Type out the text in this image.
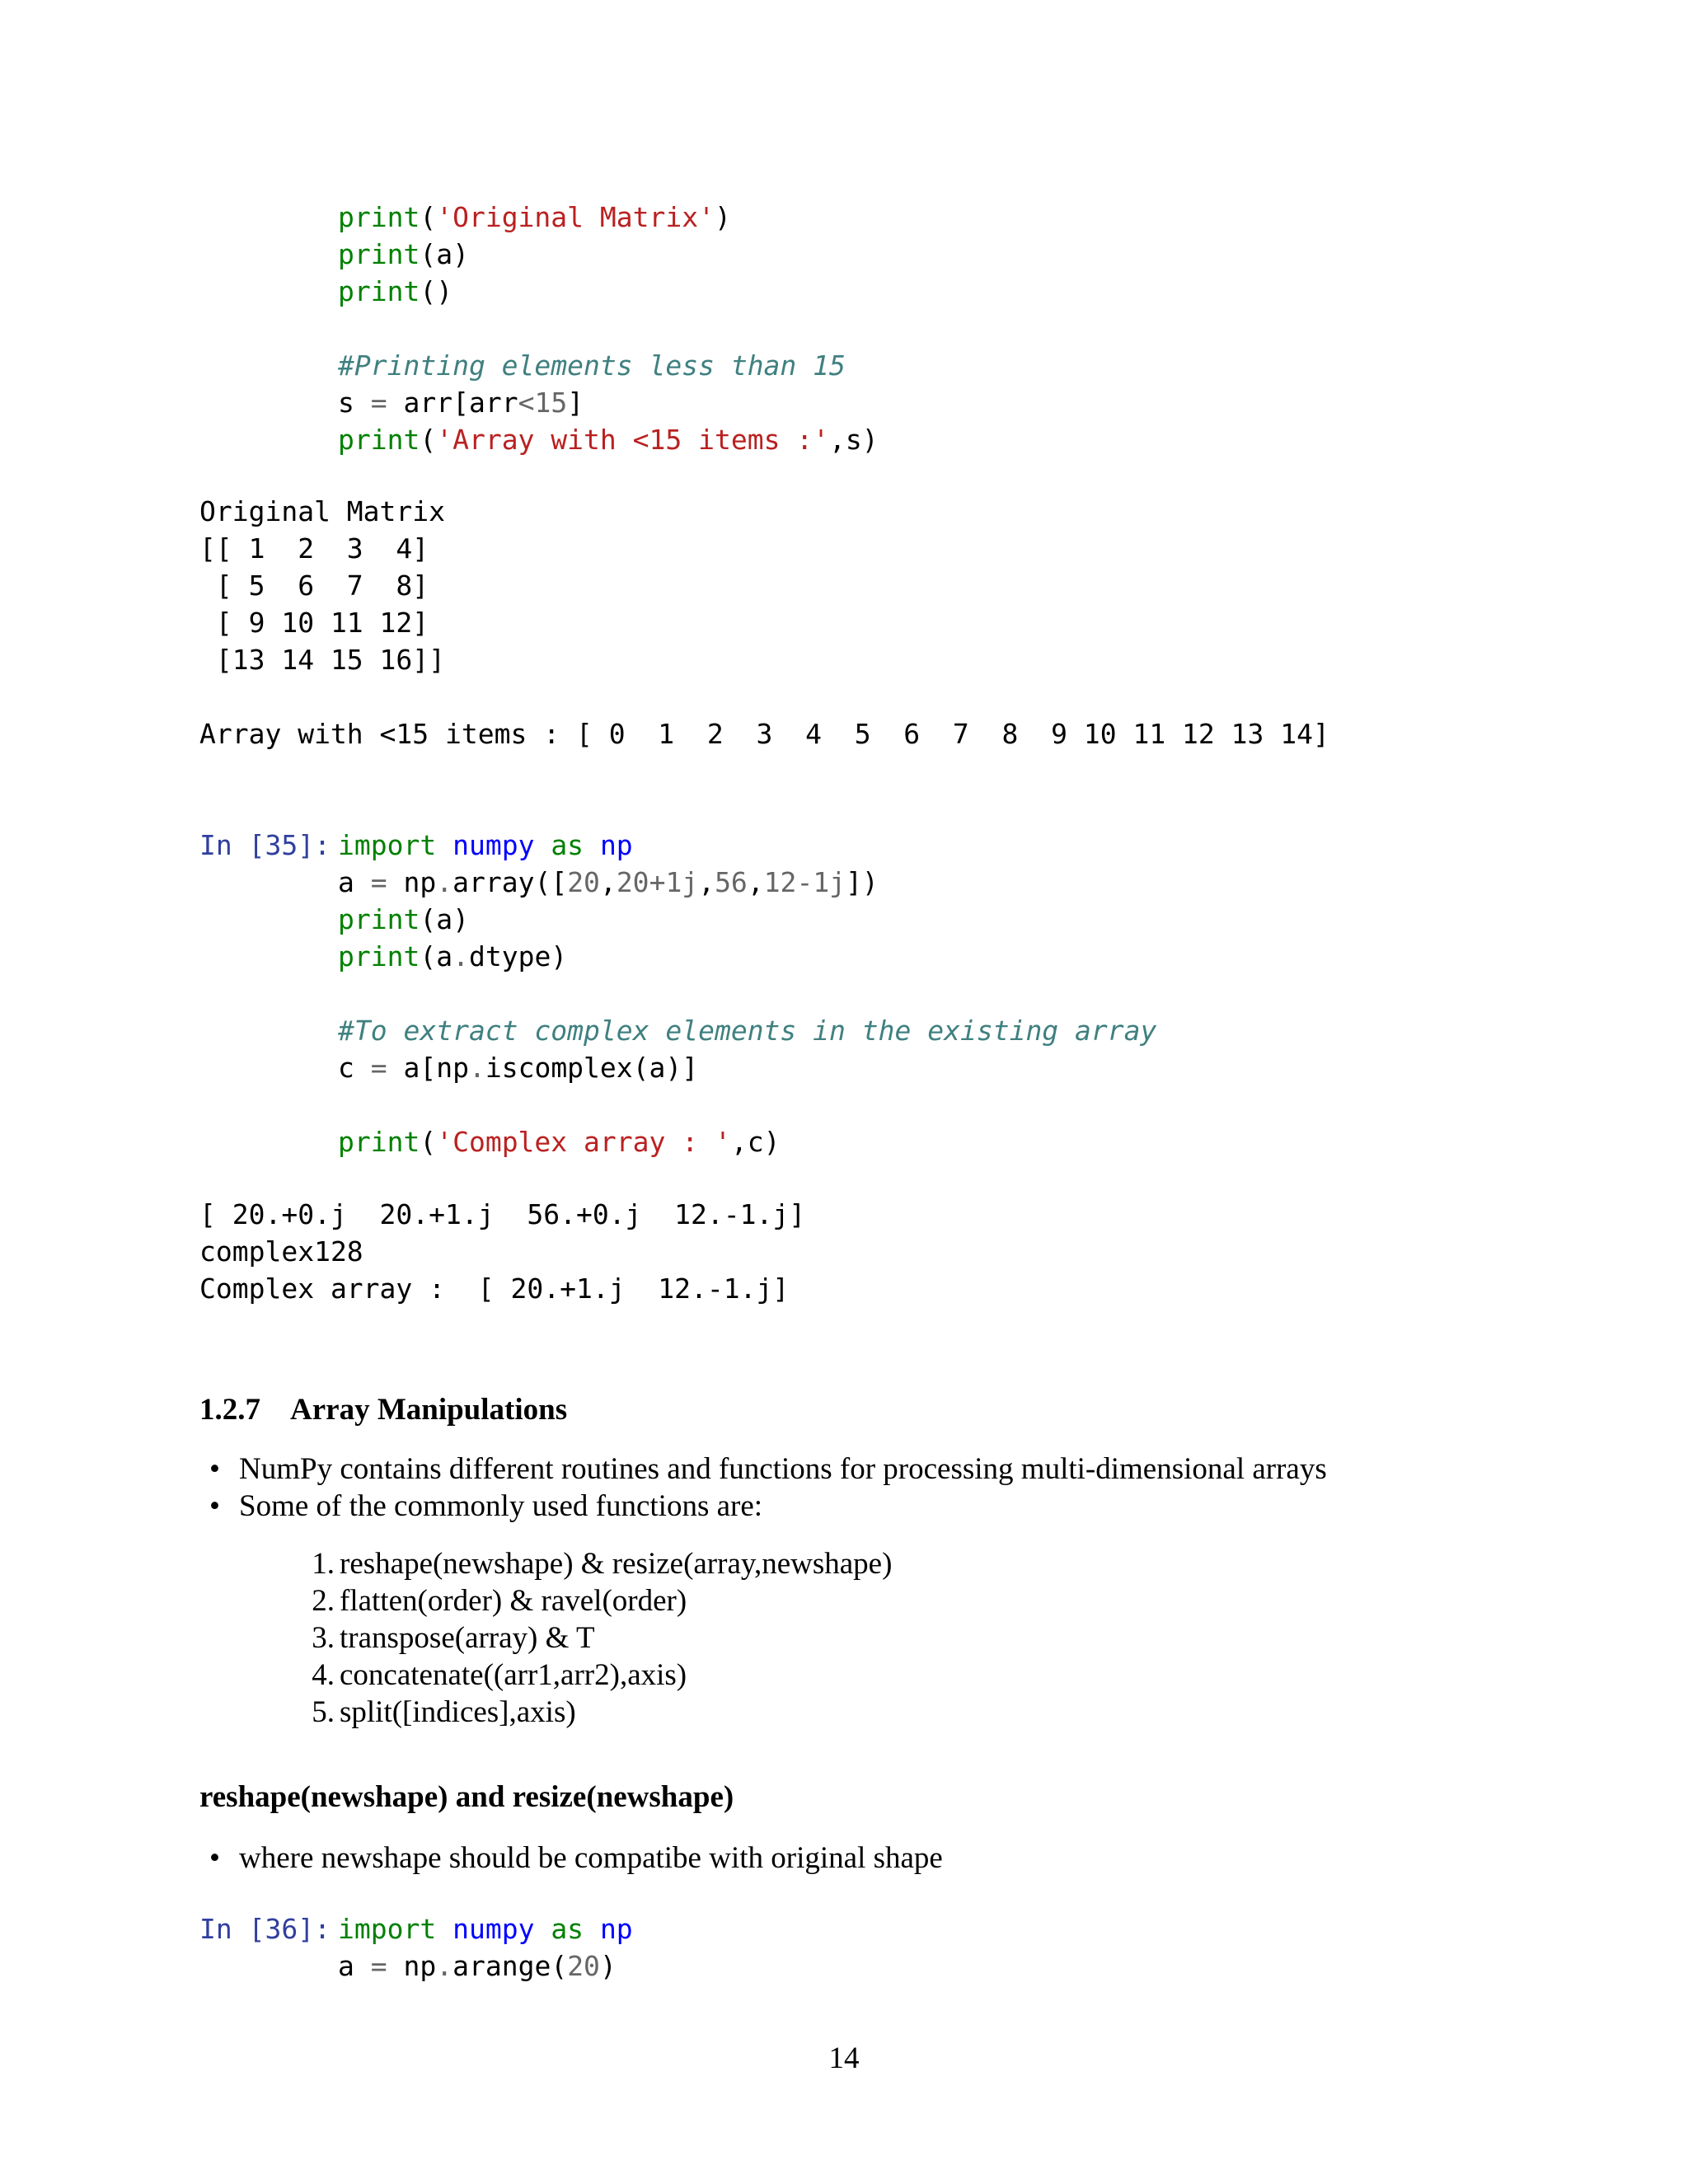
print('Original Matrix')
print(a)
print()
#Printing elements less than 15
s = arr[arr<15]
print('Array with <15 items :',s)
Original Matrix
[[ 1  2  3  4]
[ 5  6  7  8]
[ 9 10 11 12]
[13 14 15 16]]
Array with <15 items : [ 0  1  2  3  4  5  6  7  8  9 10 11 12 13 14]
In [35]: import numpy as np
a = np.array([20,20+1j,56,12-1j])
print(a)
print(a.dtype)
#To extract complex elements in the existing array
c = a[np.iscomplex(a)]
print('Complex array : ',c)
[ 20.+0.j  20.+1.j  56.+0.j  12.-1.j]
complex128
Complex array :  [ 20.+1.j  12.-1.j]
1.2.7 Array Manipulations
• NumPy contains different routines and functions for processing multi-dimensional arrays
• Some of the commonly used functions are:
1. reshape(newshape) & resize(array,newshape)
2. flatten(order) & ravel(order)
3. transpose(array) & T
4. concatenate((arr1,arr2),axis)
5. split([indices],axis)
reshape(newshape) and resize(newshape)
• where newshape should be compatibe with original shape
In [36]: import numpy as np
a = np.arange(20)
14
